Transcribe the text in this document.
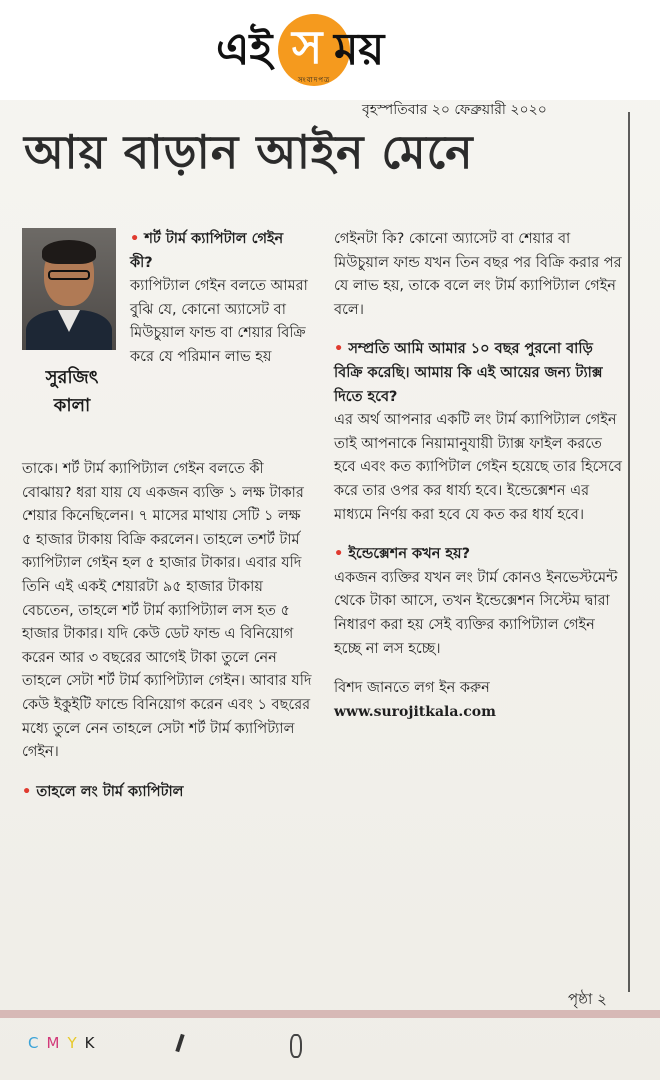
এই স ময়
সংবাদপত্র
বৃহস্পতিবার ২০ ফেব্রুয়ারী ২০২০
আয় বাড়ান আইন মেনে
সুরজিৎ
কালা

• শর্ট টার্ম ক্যাপিটাল গেইন কী?

ক্যাপিট্যাল গেইন বলতে আমরা বুঝি যে, কোনো অ্যাসেট বা মিউচুয়াল ফান্ড বা শেয়ার বিক্রি করে যে পরিমান লাভ হয়

তাকে। শর্ট টার্ম ক্যাপিট্যাল গেইন বলতে কী বোঝায়? ধরা যায় যে একজন ব্যক্তি ১ লক্ষ টাকার শেয়ার কিনেছিলেন। ৭ মাসের মাথায় সেটি ১ লক্ষ ৫ হাজার টাকায় বিক্রি করলেন। তাহলে তশর্ট টার্ম ক্যাপিট্যাল গেইন হল ৫ হাজার টাকার। এবার যদি তিনি এই একই শেয়ারটা ৯৫ হাজার টাকায় বেচতেন, তাহলে শর্ট টার্ম ক্যাপিট্যাল লস হত ৫ হাজার টাকার। যদি কেউ ডেট ফান্ড এ বিনিয়োগ করেন আর ৩ বছরের আগেই টাকা তুলে নেন তাহলে সেটা শর্ট টার্ম ক্যাপিট্যাল গেইন। আবার যদি কেউ ইকুইটি ফান্ডে বিনিয়োগ করেন এবং ১ বছরের মধ্যে তুলে নেন তাহলে সেটা শর্ট টার্ম ক্যাপিট্যাল গেইন।

• তাহলে লং টার্ম ক্যাপিটাল

গেইনটা কি? কোনো অ্যাসেট বা শেয়ার বা মিউচুয়াল ফান্ড যখন তিন বছর পর বিক্রি করার পর যে লাভ হয়, তাকে বলে লং টার্ম ক্যাপিট্যাল গেইন বলে।

• সম্প্রতি আমি আমার ১০ বছর পুরনো বাড়ি বিক্রি করেছি। আমায় কি এই আয়ের জন্য ট্যাক্স দিতে হবে?

এর অর্থ আপনার একটি লং টার্ম ক্যাপিট্যাল গেইন তাই আপনাকে নিয়ামানুযায়ী ট্যাক্স ফাইল করতে হবে এবং কত ক্যাপিটাল গেইন হয়েছে তার হিসেবে করে তার ওপর কর ধার্য্য হবে। ইন্ডেক্সেশন এর মাধ্যমে নির্ণয় করা হবে যে কত কর ধার্য হবে।

• ইন্ডেক্সেশন কখন হয়?

একজন ব্যক্তির যখন লং টার্ম কোনও ইনভেস্টমেন্ট থেকে টাকা আসে, তখন ইন্ডেক্সেশন সিস্টেম দ্বারা নিধারণ করা হয় সেই ব্যক্তির ক্যাপিট্যাল গেইন হচ্ছে না লস হচ্ছে।

বিশদ জানতে লগ ইন করুন

www.surojitkala.com

পৃষ্ঠা ২
CMYK
